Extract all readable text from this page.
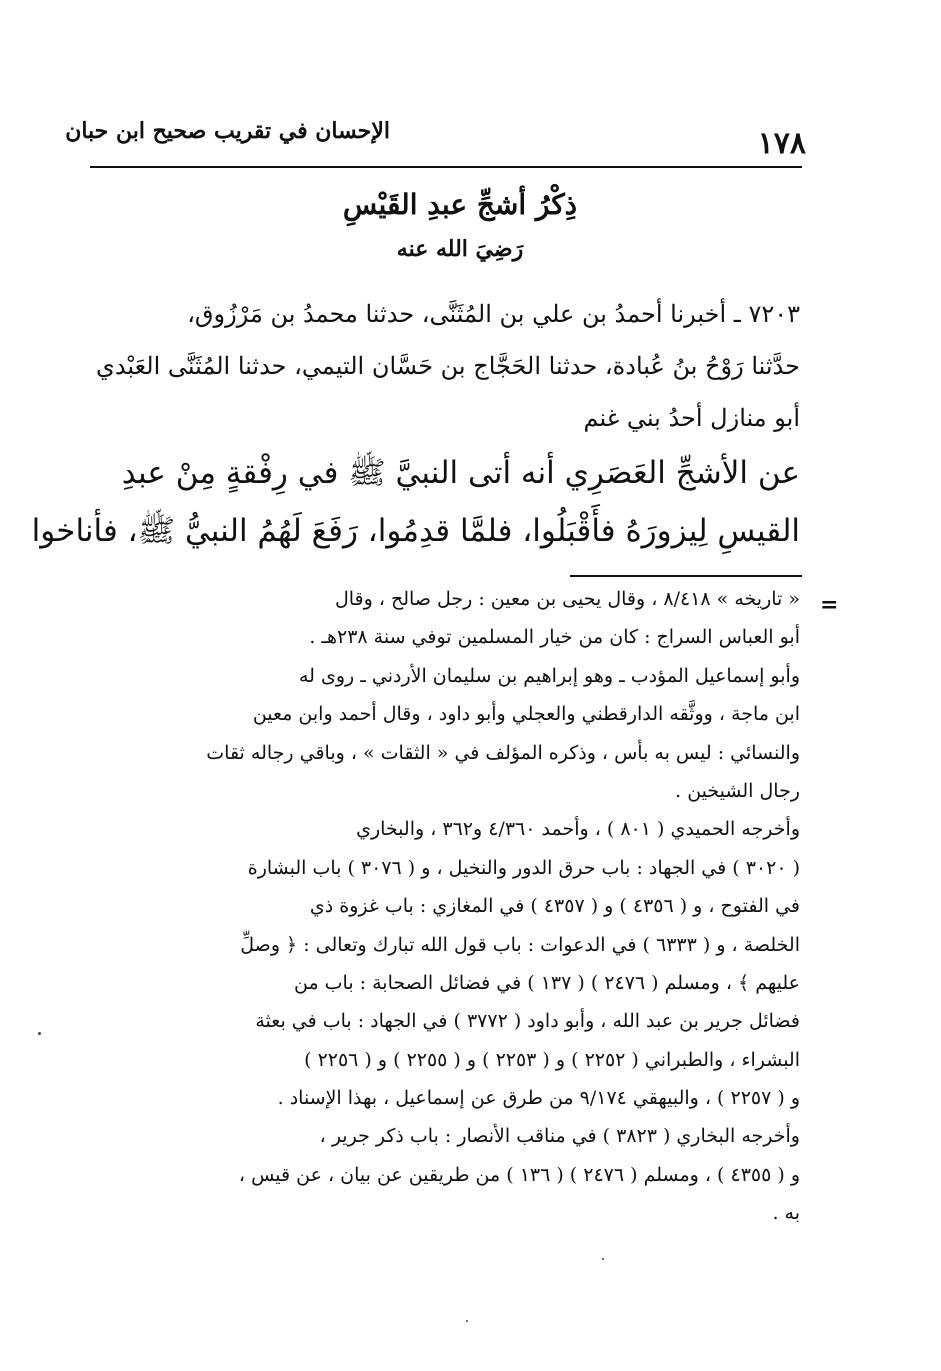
الإحسان في تقريب صحيح ابن حبان	١٧٨
ذِكْرُ أشجِّ عبدِ القَيْسِ
رَضِيَ الله عنه

٧٢٠٣ ـ أخبرنا أحمدُ بن علي بن المُثَنَّى، حدثنا محمدُ بن مَرْزُوق،

حدَّثنا رَوْحُ بنُ عُبادة، حدثنا الحَجَّاج بن حَسَّان التيمي، حدثنا المُثَنَّى العَبْدي

أبو منازل أحدُ بني غنم

عن الأشجِّ العَصَرِي أنه أتى النبيَّ ﷺ في رِفْقةٍ مِنْ عبدِ

القيسِ لِيزورَهُ فأَقْبَلُوا، فلمَّا قدِمُوا، رَفَعَ لَهُمُ النبيُّ ﷺ، فأناخوا

=

« تاريخه » ٨/٤١٨ ، وقال يحيى بن معين : رجل صالح ، وقال

أبو العباس السراج : كان من خيار المسلمين توفي سنة ٢٣٨هـ .

وأبو إسماعيل المؤدب ـ وهو إبراهيم بن سليمان الأردني ـ روى له

ابن ماجة ، ووثَّقه الدارقطني والعجلي وأبو داود ، وقال أحمد وابن معين

والنسائي : ليس به بأس ، وذكره المؤلف في « الثقات » ، وباقي رجاله ثقات

رجال الشيخين .

وأخرجه الحميدي ( ٨٠١ ) ، وأحمد ٤/٣٦٠ و٣٦٢ ، والبخاري

( ٣٠٢٠ ) في الجهاد : باب حرق الدور والنخيل ، و ( ٣٠٧٦ ) باب البشارة

في الفتوح ، و ( ٤٣٥٦ ) و ( ٤٣٥٧ ) في المغازي : باب غزوة ذي

الخلصة ، و ( ٦٣٣٣ ) في الدعوات : باب قول الله تبارك وتعالى : ﴿ وصلِّ

عليهم ﴾ ، ومسلم ( ٢٤٧٦ ) ( ١٣٧ ) في فضائل الصحابة : باب من

فضائل جرير بن عبد الله ، وأبو داود ( ٣٧٧٢ ) في الجهاد : باب في بعثة

البشراء ، والطبراني ( ٢٢٥٢ ) و ( ٢٢٥٣ ) و ( ٢٢٥٥ ) و ( ٢٢٥٦ )

و ( ٢٢٥٧ ) ، والبيهقي ٩/١٧٤ من طرق عن إسماعيل ، بهذا الإسناد .

وأخرجه البخاري ( ٣٨٢٣ ) في مناقب الأنصار : باب ذكر جرير ،

و ( ٤٣٥٥ ) ، ومسلم ( ٢٤٧٦ ) ( ١٣٦ ) من طريقين عن بيان ، عن قيس ،

به .
